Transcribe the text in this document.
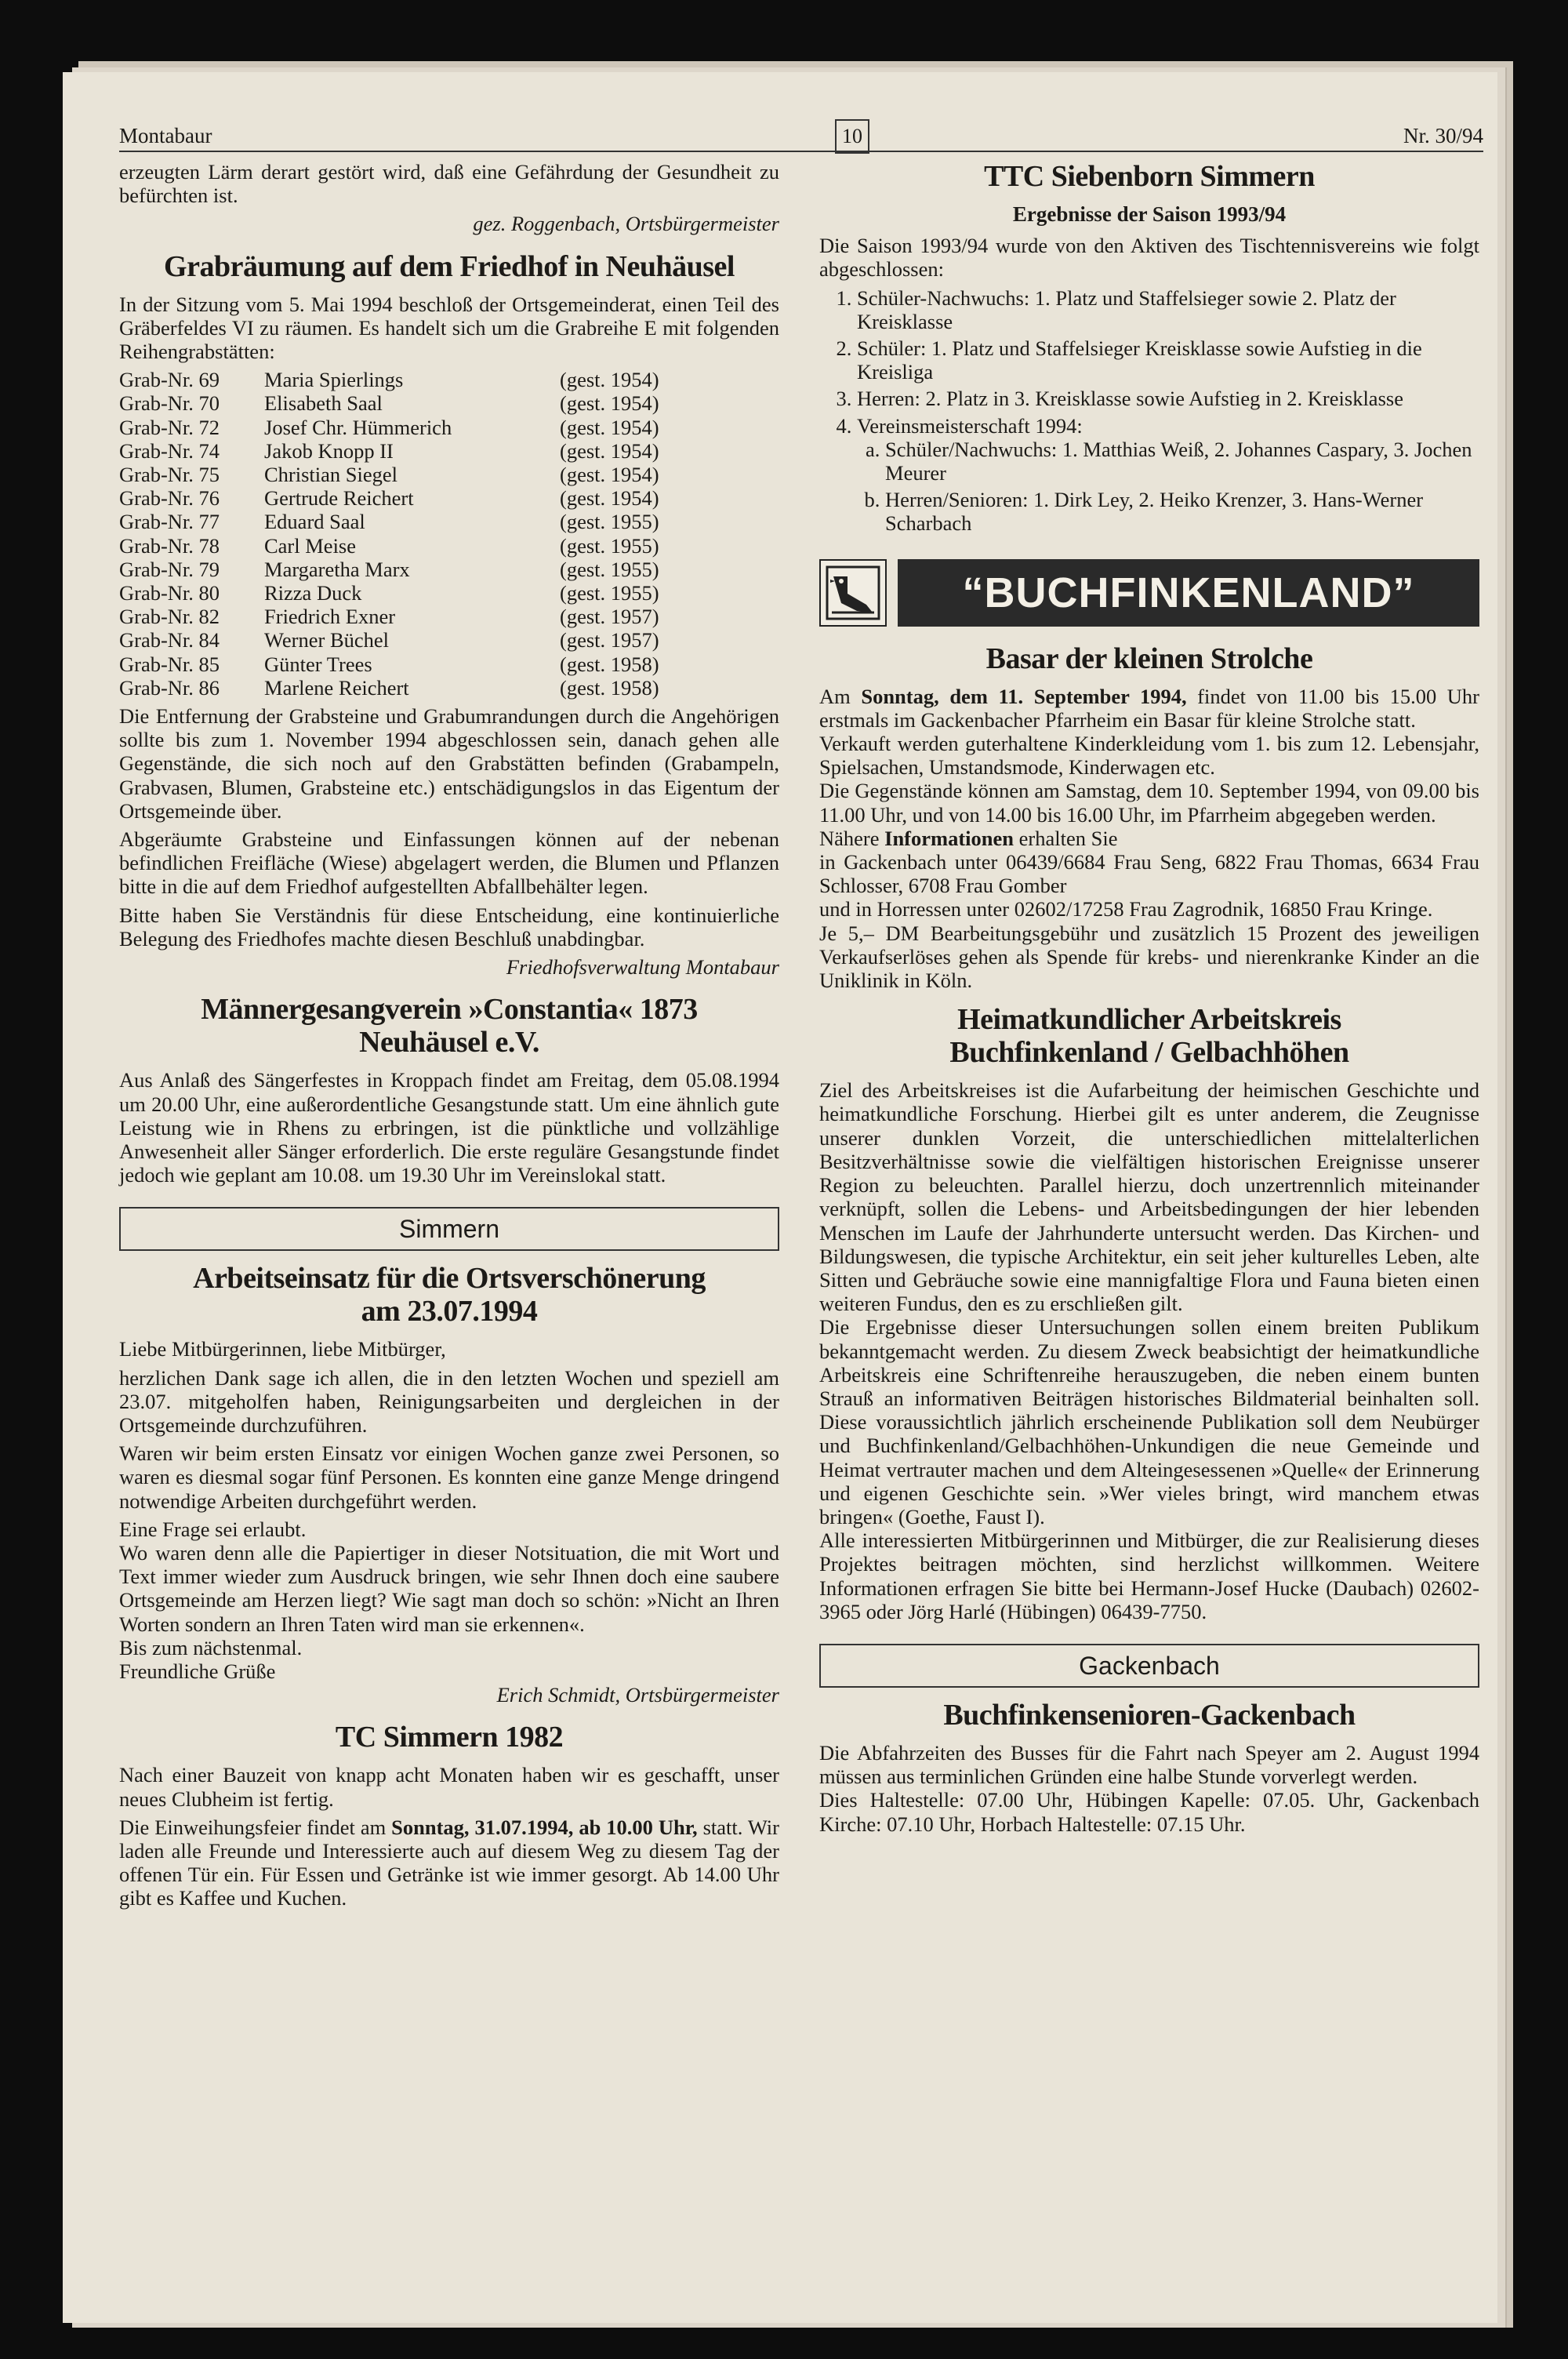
Montabaur	10	Nr. 30/94

erzeugten Lärm derart gestört wird, daß eine Gefährdung der Gesundheit zu befürchten ist.

gez. Roggenbach, Ortsbürgermeister
Grabräumung auf dem Friedhof in Neuhäusel

In der Sitzung vom 5. Mai 1994 beschloß der Ortsgemeinderat, einen Teil des Gräberfeldes VI zu räumen. Es handelt sich um die Grabreihe E mit folgenden Reihengrabstätten:

Grab-Nr. 69	Maria Spierlings	(gest. 1954)
Grab-Nr. 70	Elisabeth Saal	(gest. 1954)
Grab-Nr. 72	Josef Chr. Hümmerich	(gest. 1954)
Grab-Nr. 74	Jakob Knopp II	(gest. 1954)
Grab-Nr. 75	Christian Siegel	(gest. 1954)
Grab-Nr. 76	Gertrude Reichert	(gest. 1954)
Grab-Nr. 77	Eduard Saal	(gest. 1955)
Grab-Nr. 78	Carl Meise	(gest. 1955)
Grab-Nr. 79	Margaretha Marx	(gest. 1955)
Grab-Nr. 80	Rizza Duck	(gest. 1955)
Grab-Nr. 82	Friedrich Exner	(gest. 1957)
Grab-Nr. 84	Werner Büchel	(gest. 1957)
Grab-Nr. 85	Günter Trees	(gest. 1958)
Grab-Nr. 86	Marlene Reichert	(gest. 1958)

Die Entfernung der Grabsteine und Grabumrandungen durch die Angehörigen sollte bis zum 1. November 1994 abgeschlossen sein, danach gehen alle Gegenstände, die sich noch auf den Grabstätten befinden (Grabampeln, Grabvasen, Blumen, Grabsteine etc.) entschädigungslos in das Eigentum der Ortsgemeinde über.

Abgeräumte Grabsteine und Einfassungen können auf der nebenan befindlichen Freifläche (Wiese) abgelagert werden, die Blumen und Pflanzen bitte in die auf dem Friedhof aufgestellten Abfallbehälter legen.

Bitte haben Sie Verständnis für diese Entscheidung, eine kontinuierliche Belegung des Friedhofes machte diesen Beschluß unabdingbar.

Friedhofsverwaltung Montabaur
Männergesangverein »Constantia« 1873 Neuhäusel e.V.

Aus Anlaß des Sängerfestes in Kroppach findet am Freitag, dem 05.08.1994 um 20.00 Uhr, eine außerordentliche Gesangstunde statt. Um eine ähnlich gute Leistung wie in Rhens zu erbringen, ist die pünktliche und vollzählige Anwesenheit aller Sänger erforderlich. Die erste reguläre Gesangstunde findet jedoch wie geplant am 10.08. um 19.30 Uhr im Vereinslokal statt.

Simmern
Arbeitseinsatz für die Ortsverschönerung am 23.07.1994

Liebe Mitbürgerinnen, liebe Mitbürger,

herzlichen Dank sage ich allen, die in den letzten Wochen und speziell am 23.07. mitgeholfen haben, Reinigungsarbeiten und dergleichen in der Ortsgemeinde durchzuführen.

Waren wir beim ersten Einsatz vor einigen Wochen ganze zwei Personen, so waren es diesmal sogar fünf Personen. Es konnten eine ganze Menge dringend notwendige Arbeiten durchgeführt werden.

Eine Frage sei erlaubt.

Wo waren denn alle die Papiertiger in dieser Notsituation, die mit Wort und Text immer wieder zum Ausdruck bringen, wie sehr Ihnen doch eine saubere Ortsgemeinde am Herzen liegt? Wie sagt man doch so schön: »Nicht an Ihren Worten sondern an Ihren Taten wird man sie erkennen«.

Bis zum nächstenmal.

Freundliche Grüße

Erich Schmidt, Ortsbürgermeister
TC Simmern 1982

Nach einer Bauzeit von knapp acht Monaten haben wir es geschafft, unser neues Clubheim ist fertig.

Die Einweihungsfeier findet am Sonntag, 31.07.1994, ab 10.00 Uhr, statt. Wir laden alle Freunde und Interessierte auch auf diesem Weg zu diesem Tag der offenen Tür ein. Für Essen und Getränke ist wie immer gesorgt. Ab 14.00 Uhr gibt es Kaffee und Kuchen.

TTC Siebenborn Simmern
Ergebnisse der Saison 1993/94

Die Saison 1993/94 wurde von den Aktiven des Tischtennisvereins wie folgt abgeschlossen:

1. Schüler-Nachwuchs: 1. Platz und Staffelsieger sowie 2. Platz der Kreisklasse
2. Schüler: 1. Platz und Staffelsieger Kreisklasse sowie Aufstieg in die Kreisliga
3. Herren: 2. Platz in 3. Kreisklasse sowie Aufstieg in 2. Kreisklasse
4. Vereinsmeisterschaft 1994:
a. Schüler/Nachwuchs: 1. Matthias Weiß, 2. Johannes Caspary, 3. Jochen Meurer
b. Herren/Senioren: 1. Dirk Ley, 2. Heiko Krenzer, 3. Hans-Werner Scharbach
“BUCHFINKENLAND”
Basar der kleinen Strolche

Am Sonntag, dem 11. September 1994, findet von 11.00 bis 15.00 Uhr erstmals im Gackenbacher Pfarrheim ein Basar für kleine Strolche statt.

Verkauft werden guterhaltene Kinderkleidung vom 1. bis zum 12. Lebensjahr, Spielsachen, Umstandsmode, Kinderwagen etc.

Die Gegenstände können am Samstag, dem 10. September 1994, von 09.00 bis 11.00 Uhr, und von 14.00 bis 16.00 Uhr, im Pfarrheim abgegeben werden.

Nähere Informationen erhalten Sie

in Gackenbach unter 06439/6684 Frau Seng, 6822 Frau Thomas, 6634 Frau Schlosser, 6708 Frau Gomber

und in Horressen unter 02602/17258 Frau Zagrodnik, 16850 Frau Kringe.

Je 5,– DM Bearbeitungsgebühr und zusätzlich 15 Prozent des jeweiligen Verkaufserlöses gehen als Spende für krebs- und nierenkranke Kinder an die Uniklinik in Köln.

Heimatkundlicher Arbeitskreis Buchfinkenland / Gelbachhöhen

Ziel des Arbeitskreises ist die Aufarbeitung der heimischen Geschichte und heimatkundliche Forschung. Hierbei gilt es unter anderem, die Zeugnisse unserer dunklen Vorzeit, die unterschiedlichen mittelalterlichen Besitzverhältnisse sowie die vielfältigen historischen Ereignisse unserer Region zu beleuchten. Parallel hierzu, doch unzertrennlich miteinander verknüpft, sollen die Lebens- und Arbeitsbedingungen der hier lebenden Menschen im Laufe der Jahrhunderte untersucht werden. Das Kirchen- und Bildungswesen, die typische Architektur, ein seit jeher kulturelles Leben, alte Sitten und Gebräuche sowie eine mannigfaltige Flora und Fauna bieten einen weiteren Fundus, den es zu erschließen gilt.

Die Ergebnisse dieser Untersuchungen sollen einem breiten Publikum bekanntgemacht werden. Zu diesem Zweck beabsichtigt der heimatkundliche Arbeitskreis eine Schriftenreihe herauszugeben, die neben einem bunten Strauß an informativen Beiträgen historisches Bildmaterial beinhalten soll. Diese voraussichtlich jährlich erscheinende Publikation soll dem Neubürger und Buchfinkenland/Gelbachhöhen-Unkundigen die neue Gemeinde und Heimat vertrauter machen und dem Alteingesessenen »Quelle« der Erinnerung und eigenen Geschichte sein. »Wer vieles bringt, wird manchem etwas bringen« (Goethe, Faust I).

Alle interessierten Mitbürgerinnen und Mitbürger, die zur Realisierung dieses Projektes beitragen möchten, sind herzlichst willkommen. Weitere Informationen erfragen Sie bitte bei Hermann-Josef Hucke (Daubach) 02602-3965 oder Jörg Harlé (Hübingen) 06439-7750.

Gackenbach
Buchfinkensenioren-Gackenbach

Die Abfahrzeiten des Busses für die Fahrt nach Speyer am 2. August 1994 müssen aus terminlichen Gründen eine halbe Stunde vorverlegt werden.

Dies Haltestelle: 07.00 Uhr, Hübingen Kapelle: 07.05. Uhr, Gackenbach Kirche: 07.10 Uhr, Horbach Haltestelle: 07.15 Uhr.
